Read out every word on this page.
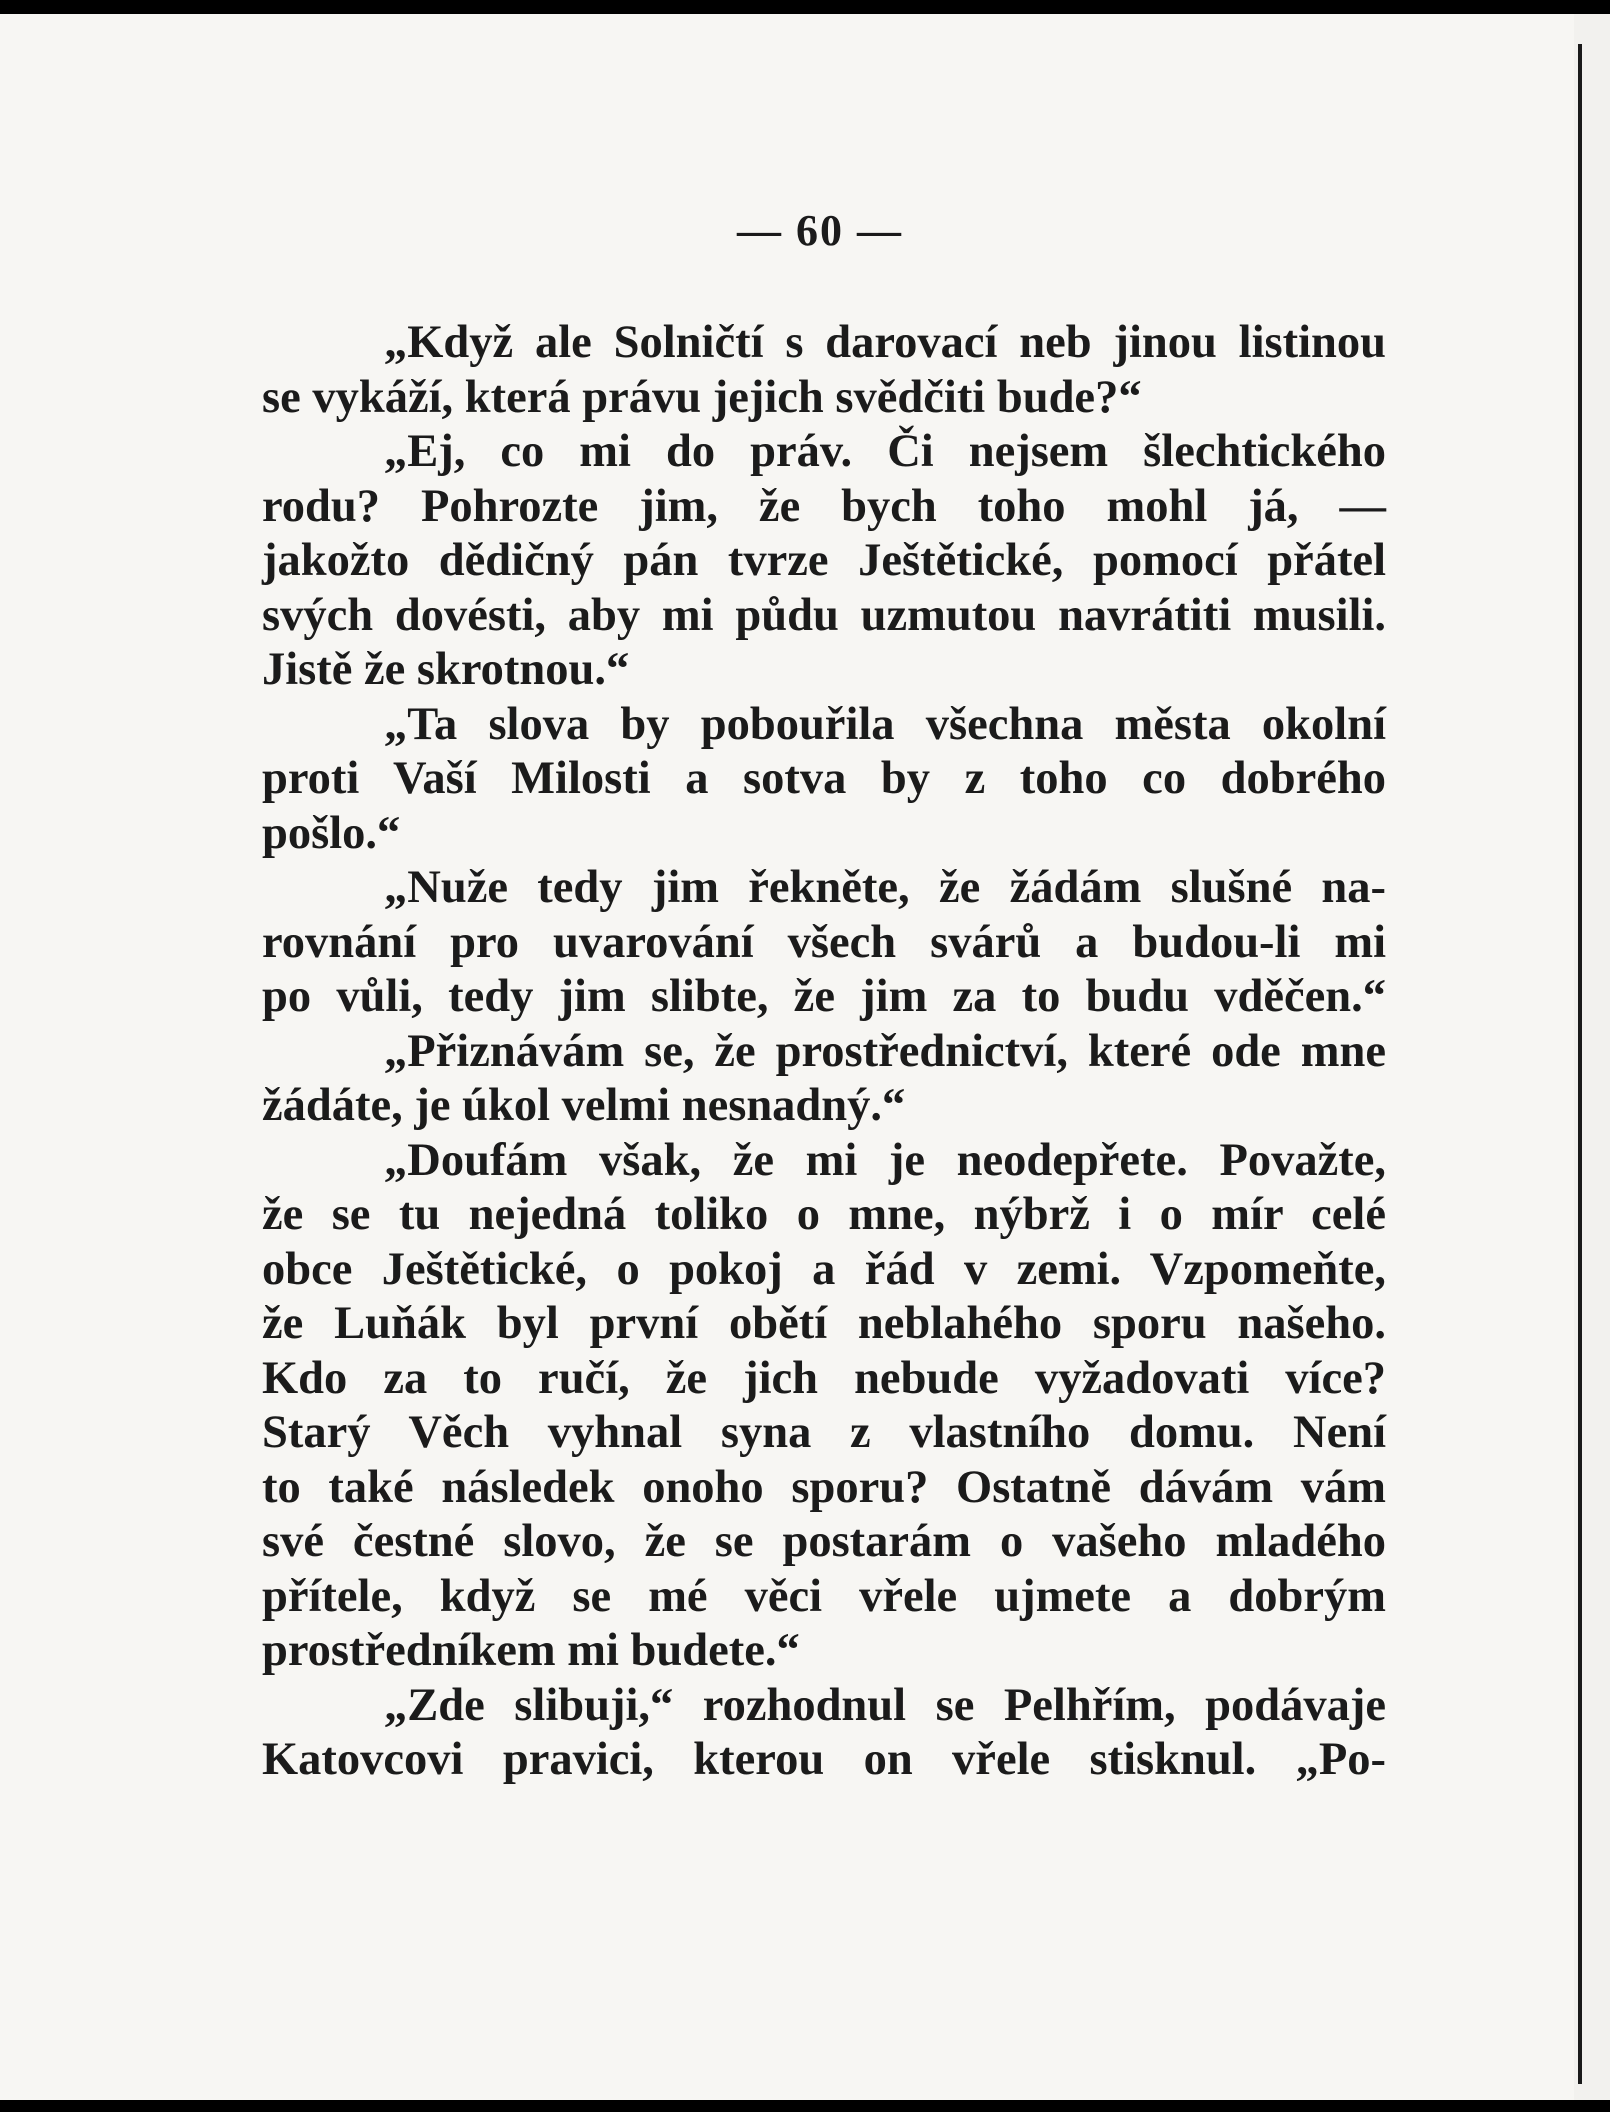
— 60 —
„Když ale Solničtí s darovací neb jinou listinou
se vykáží, která právu jejich svědčiti bude?“
„Ej, co mi do práv. Či nejsem šlechtického
rodu? Pohrozte jim, že bych toho mohl já, —
jakožto dědičný pán tvrze Ještětické, pomocí přátel
svých dovésti, aby mi půdu uzmutou navrátiti musili.
Jistě že skrotnou.“
„Ta slova by pobouřila všechna města okolní
proti Vaší Milosti a sotva by z toho co dobrého
pošlo.“
„Nuže tedy jim řekněte, že žádám slušné na-
rovnání pro uvarování všech svárů a budou-li mi
po vůli, tedy jim slibte, že jim za to budu vděčen.“
„Přiznávám se, že prostřednictví, které ode mne
žádáte, je úkol velmi nesnadný.“
„Doufám však, že mi je neodepřete. Považte,
že se tu nejedná toliko o mne, nýbrž i o mír celé
obce Ještětické, o pokoj a řád v zemi. Vzpomeňte,
že Luňák byl první obětí neblahého sporu našeho.
Kdo za to ručí, že jich nebude vyžadovati více?
Starý Věch vyhnal syna z vlastního domu. Není
to také následek onoho sporu? Ostatně dávám vám
své čestné slovo, že se postarám o vašeho mladého
přítele, když se mé věci vřele ujmete a dobrým
prostředníkem mi budete.“
„Zde slibuji,“ rozhodnul se Pelhřím, podávaje
Katovcovi pravici, kterou on vřele stisknul. „Po-
